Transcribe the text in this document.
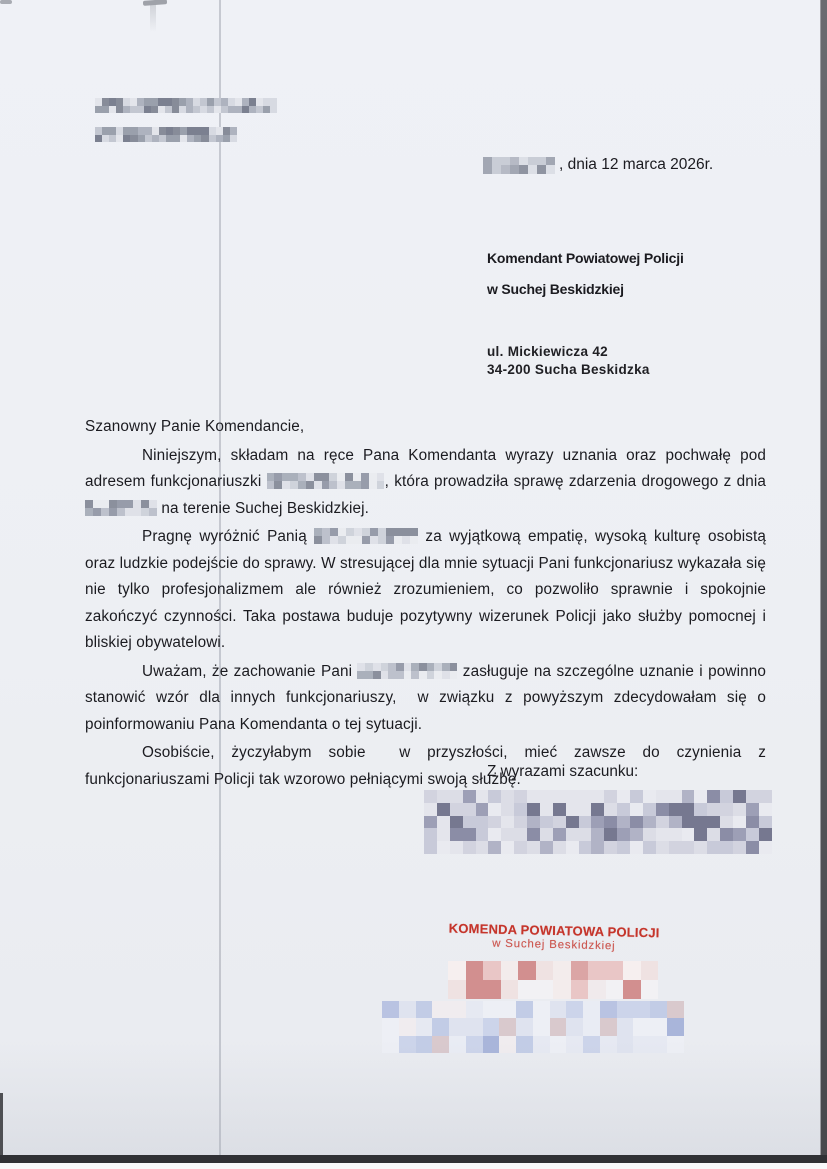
, dnia 12 marca 2026r.
Komendant Powiatowej Policji
w Suchej Beskidzkiej
ul. Mickiewicza 42
34-200 Sucha Beskidzka

Szanowny Panie Komendancie,

Niniejszym, składam na ręce Pana Komendanta wyrazy uznania oraz pochwałę pod adresem funkcjonariuszki	, która prowadziła sprawę zdarzenia drogowego z dnia
na terenie Suchej Beskidzkiej.

Pragnę wyróżnić Panią	za wyjątkową empatię, wysoką kulturę osobistą oraz ludzkie podejście do sprawy. W stresującej dla mnie sytuacji Pani funkcjonariusz wykazała się nie tylko profesjonalizmem ale również zrozumieniem, co pozwoliło sprawnie i spokojnie zakończyć czynności. Taka postawa buduje pozytywny wizerunek Policji jako służby pomocnej i bliskiej obywatelowi.

Uważam, że zachowanie Pani	zasługuje na szczególne uznanie i powinno stanowić wzór dla innych funkcjonariuszy,  w związku z powyższym zdecydowałam się o poinformowaniu Pana Komendanta o tej sytuacji.

Osobiście, życzyłabym sobie  w przyszłości, mieć zawsze do czynienia z funkcjonariuszami Policji tak wzorowo pełniącymi swoją służbę.

Z wyrazami szacunku:
KOMENDA POWIATOWA POLICJI
w Suchej Beskidzkiej
